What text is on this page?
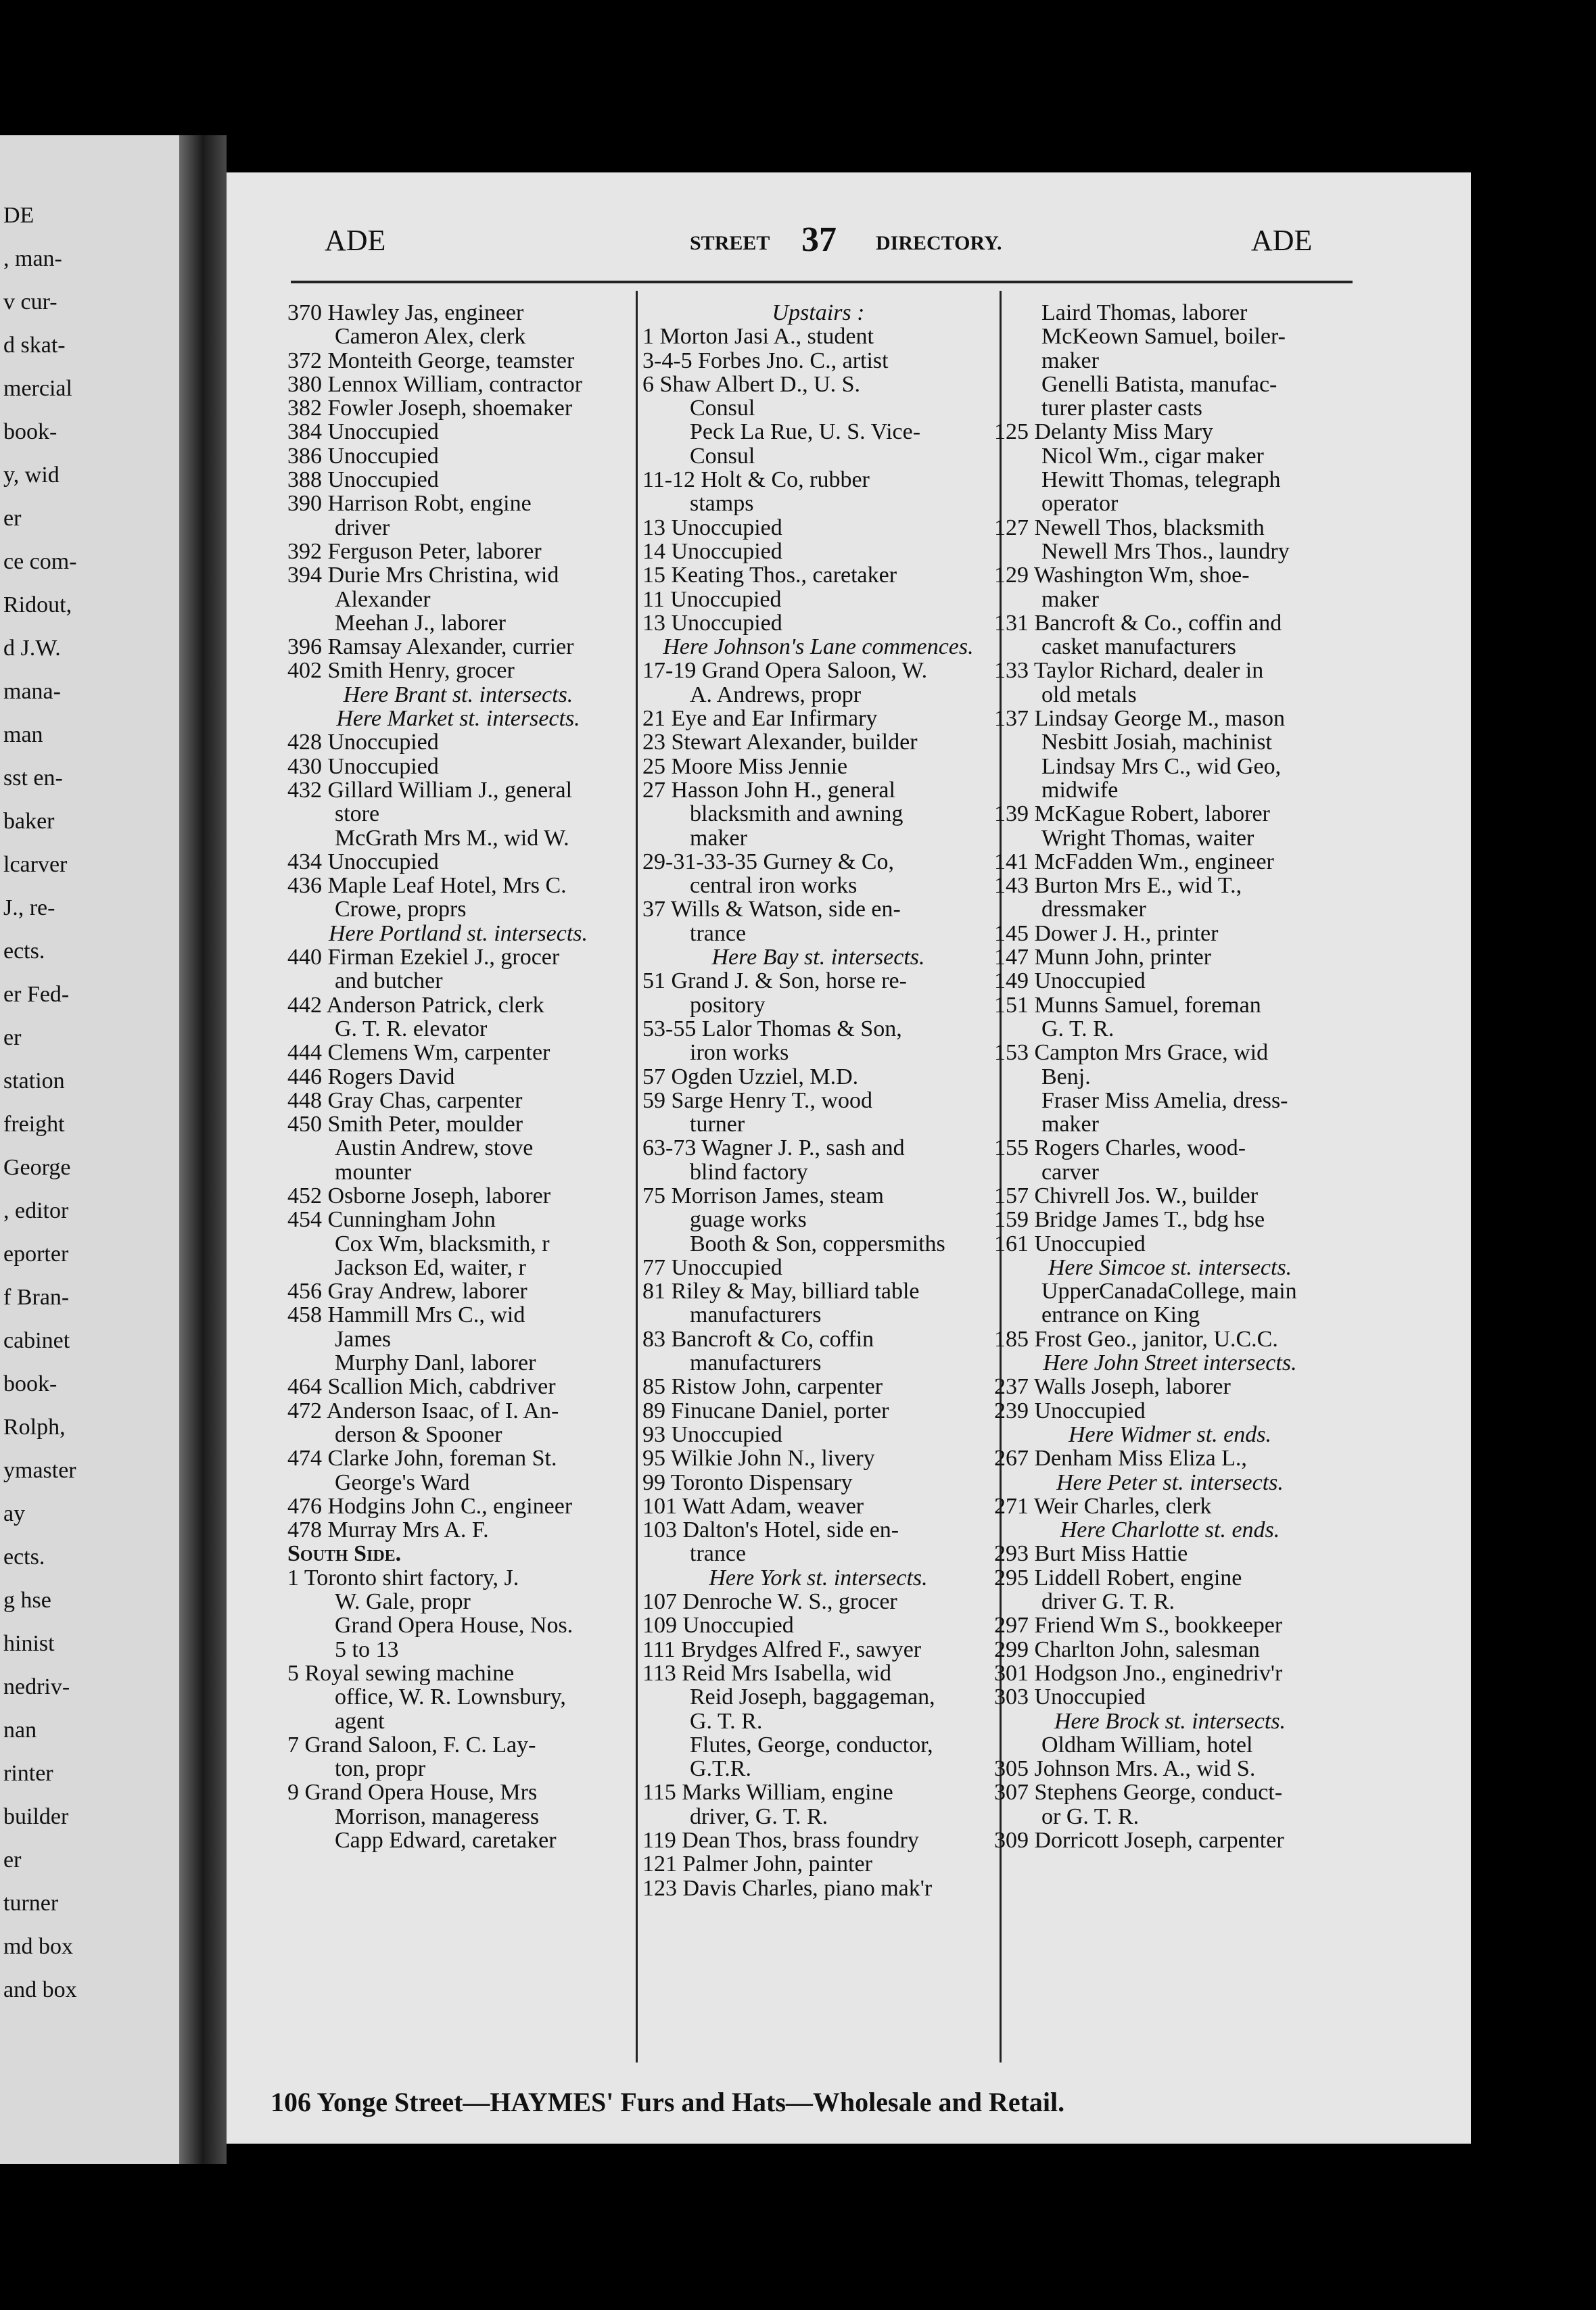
DE
, man-
v cur-
d skat-
mercial
book-
y, wid
er
ce com-
Ridout,
d J.W.
mana-
man
sst en-
baker
lcarver
J., re-
ects.
er Fed-
er
station
freight
George
, editor
eporter
f Bran-
cabinet
book-
Rolph,
ymaster
ay
ects.
g hse
hinist
nedriv-
nan
rinter
builder
er
turner
md box
and box
ADE	STREET 37 DIRECTORY.	ADE
370 Hawley Jas, engineer
Cameron Alex, clerk
372 Monteith George, teamster
380 Lennox William, contractor
382 Fowler Joseph, shoemaker
384 Unoccupied
386 Unoccupied
388 Unoccupied
390 Harrison Robt, engine
driver
392 Ferguson Peter, laborer
394 Durie Mrs Christina, wid
Alexander
Meehan J., laborer
396 Ramsay Alexander, currier
402 Smith Henry, grocer
Here Brant st. intersects.
Here Market st. intersects.
428 Unoccupied
430 Unoccupied
432 Gillard William J., general
store
McGrath Mrs M., wid W.
434 Unoccupied
436 Maple Leaf Hotel, Mrs C.
Crowe, proprs
Here Portland st. intersects.
440 Firman Ezekiel J., grocer
and butcher
442 Anderson Patrick, clerk
G. T. R. elevator
444 Clemens Wm, carpenter
446 Rogers David
448 Gray Chas, carpenter
450 Smith Peter, moulder
Austin Andrew, stove
mounter
452 Osborne Joseph, laborer
454 Cunningham John
Cox Wm, blacksmith, r
Jackson Ed, waiter, r
456 Gray Andrew, laborer
458 Hammill Mrs C., wid
James
Murphy Danl, laborer
464 Scallion Mich, cabdriver
472 Anderson Isaac, of I. An-
derson & Spooner
474 Clarke John, foreman St.
George's Ward
476 Hodgins John C., engineer
478 Murray Mrs A. F.
South Side.
1 Toronto shirt factory, J.
W. Gale, propr
Grand Opera House, Nos.
5 to 13
5 Royal sewing machine
office, W. R. Lownsbury,
agent
7 Grand Saloon, F. C. Lay-
ton, propr
9 Grand Opera House, Mrs
Morrison, manageress
Capp Edward, caretaker
Upstairs :
1 Morton Jasi A., student
3-4-5 Forbes Jno. C., artist
6 Shaw Albert D., U. S.
Consul
Peck La Rue, U. S. Vice-
Consul
11-12 Holt & Co, rubber
stamps
13 Unoccupied
14 Unoccupied
15 Keating Thos., caretaker
11 Unoccupied
13 Unoccupied
Here Johnson's Lane commences.
17-19 Grand Opera Saloon, W.
A. Andrews, propr
21 Eye and Ear Infirmary
23 Stewart Alexander, builder
25 Moore Miss Jennie
27 Hasson John H., general
blacksmith and awning
maker
29-31-33-35 Gurney & Co,
central iron works
37 Wills & Watson, side en-
trance
Here Bay st. intersects.
51 Grand J. & Son, horse re-
pository
53-55 Lalor Thomas & Son,
iron works
57 Ogden Uzziel, M.D.
59 Sarge Henry T., wood
turner
63-73 Wagner J. P., sash and
blind factory
75 Morrison James, steam
guage works
Booth & Son, coppersmiths
77 Unoccupied
81 Riley & May, billiard table
manufacturers
83 Bancroft & Co, coffin
manufacturers
85 Ristow John, carpenter
89 Finucane Daniel, porter
93 Unoccupied
95 Wilkie John N., livery
99 Toronto Dispensary
101 Watt Adam, weaver
103 Dalton's Hotel, side en-
trance
Here York st. intersects.
107 Denroche W. S., grocer
109 Unoccupied
111 Brydges Alfred F., sawyer
113 Reid Mrs Isabella, wid
Reid Joseph, baggageman,
G. T. R.
Flutes, George, conductor,
G.T.R.
115 Marks William, engine
driver, G. T. R.
119 Dean Thos, brass foundry
121 Palmer John, painter
123 Davis Charles, piano mak'r
Laird Thomas, laborer
McKeown Samuel, boiler-
maker
Genelli Batista, manufac-
turer plaster casts
125 Delanty Miss Mary
Nicol Wm., cigar maker
Hewitt Thomas, telegraph
operator
127 Newell Thos, blacksmith
Newell Mrs Thos., laundry
129 Washington Wm, shoe-
maker
131 Bancroft & Co., coffin and
casket manufacturers
133 Taylor Richard, dealer in
old metals
137 Lindsay George M., mason
Nesbitt Josiah, machinist
Lindsay Mrs C., wid Geo,
midwife
139 McKague Robert, laborer
Wright Thomas, waiter
141 McFadden Wm., engineer
143 Burton Mrs E., wid T.,
dressmaker
145 Dower J. H., printer
147 Munn John, printer
149 Unoccupied
151 Munns Samuel, foreman
G. T. R.
153 Campton Mrs Grace, wid
Benj.
Fraser Miss Amelia, dress-
maker
155 Rogers Charles, wood-
carver
157 Chivrell Jos. W., builder
159 Bridge James T., bdg hse
161 Unoccupied
Here Simcoe st. intersects.
UpperCanadaCollege, main
entrance on King
185 Frost Geo., janitor, U.C.C.
Here John Street intersects.
237 Walls Joseph, laborer
239 Unoccupied
Here Widmer st. ends.
267 Denham Miss Eliza L.,
Here Peter st. intersects.
271 Weir Charles, clerk
Here Charlotte st. ends.
293 Burt Miss Hattie
295 Liddell Robert, engine
driver G. T. R.
297 Friend Wm S., bookkeeper
299 Charlton John, salesman
301 Hodgson Jno., enginedriv'r
303 Unoccupied
Here Brock st. intersects.
Oldham William, hotel
305 Johnson Mrs. A., wid S.
307 Stephens George, conduct-
or G. T. R.
309 Dorricott Joseph, carpenter
106 Yonge Street—HAYMES' Furs and Hats—Wholesale and Retail.
